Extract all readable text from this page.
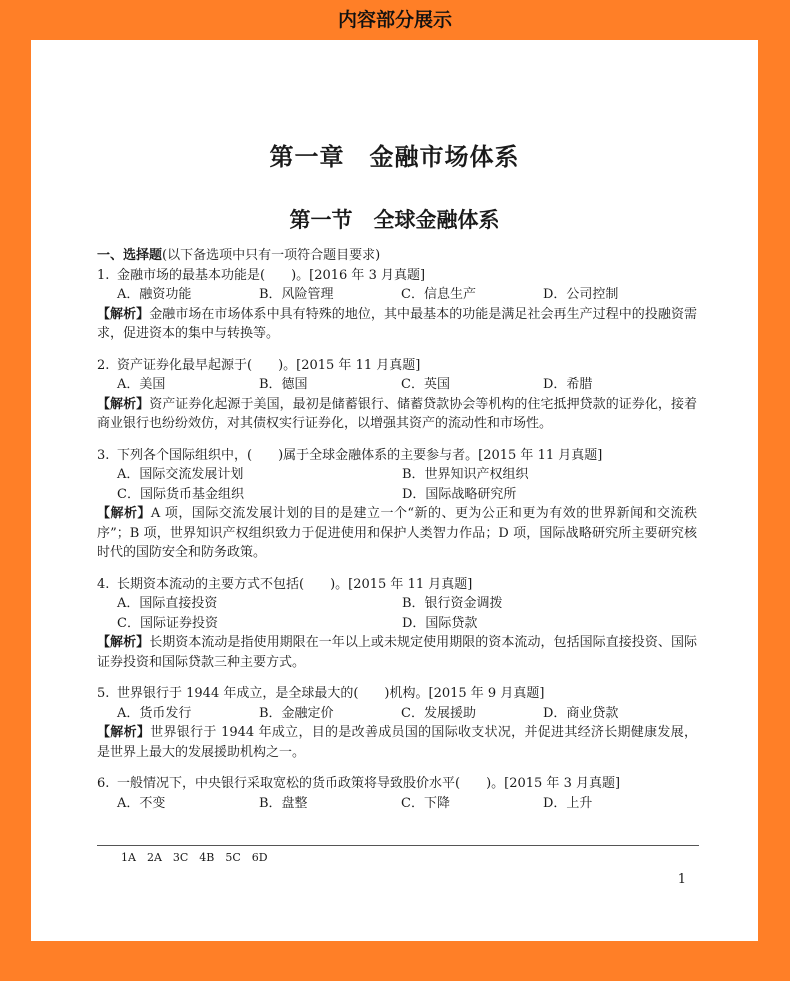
内容部分展示
第一章　金融市场体系
第一节　全球金融体系
一、选择题(以下备选项中只有一项符合题目要求)
1. 金融市场的最基本功能是(　　)。[2016 年 3 月真题]
A．融资功能	B．风险管理	C．信息生产	D．公司控制
【解析】金融市场在市场体系中具有特殊的地位，其中最基本的功能是满足社会再生产过程中的投融资需求，促进资本的集中与转换等。
2. 资产证券化最早起源于(　　)。[2015 年 11 月真题]
A．美国	B．德国	C．英国	D．希腊
【解析】资产证券化起源于美国，最初是储蓄银行、储蓄贷款协会等机构的住宅抵押贷款的证券化，接着商业银行也纷纷效仿，对其债权实行证券化，以增强其资产的流动性和市场性。
3. 下列各个国际组织中，(　　)属于全球金融体系的主要参与者。[2015 年 11 月真题]
A．国际交流发展计划	B．世界知识产权组织
C．国际货币基金组织	D．国际战略研究所
【解析】A 项，国际交流发展计划的目的是建立一个“新的、更为公正和更为有效的世界新闻和交流秩序”；B 项，世界知识产权组织致力于促进使用和保护人类智力作品；D 项，国际战略研究所主要研究核时代的国防安全和防务政策。
4. 长期资本流动的主要方式不包括(　　)。[2015 年 11 月真题]
A．国际直接投资	B．银行资金调拨
C．国际证券投资	D．国际贷款
【解析】长期资本流动是指使用期限在一年以上或未规定使用期限的资本流动，包括国际直接投资、国际证券投资和国际贷款三种主要方式。
5. 世界银行于 1944 年成立，是全球最大的(　　)机构。[2015 年 9 月真题]
A．货币发行	B．金融定价	C．发展援助	D．商业贷款
【解析】世界银行于 1944 年成立，目的是改善成员国的国际收支状况，并促进其经济长期健康发展，是世界上最大的发展援助机构之一。
6. 一般情况下，中央银行采取宽松的货币政策将导致股价水平(　　)。[2015 年 3 月真题]
A．不变	B．盘整	C．下降	D．上升
1A　2A　3C　4B　5C　6D
1
